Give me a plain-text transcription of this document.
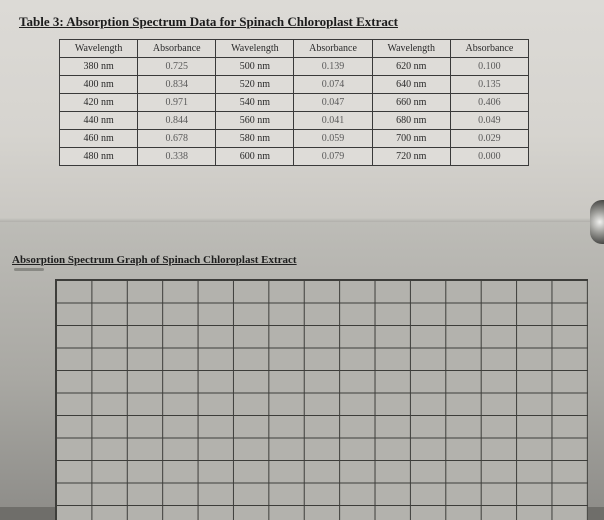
Table 3: Absorption Spectrum Data for Spinach Chloroplast Extract
Wavelength	Absorbance	Wavelength	Absorbance	Wavelength	Absorbance
380 nm	0.725	500 nm	0.139	620 nm	0.100
400 nm	0.834	520 nm	0.074	640 nm	0.135
420 nm	0.971	540 nm	0.047	660 nm	0.406
440 nm	0.844	560 nm	0.041	680 nm	0.049
460 nm	0.678	580 nm	0.059	700 nm	0.029
480 nm	0.338	600 nm	0.079	720 nm	0.000
Absorption Spectrum Graph of Spinach Chloroplast Extract
